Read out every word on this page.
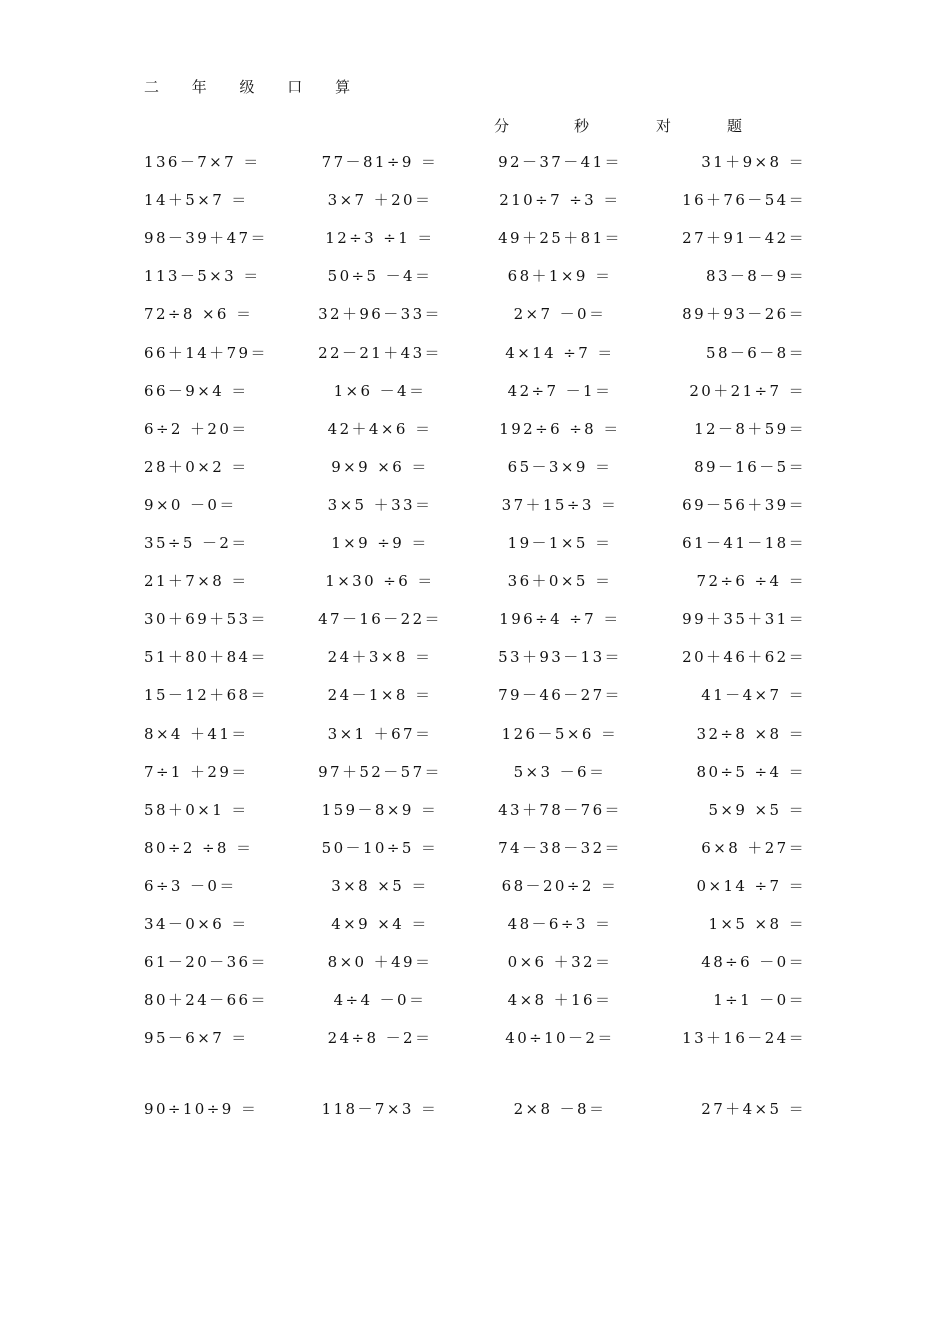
二 年 级 口 算
分	秒	对	题
136－7×7 ＝	77－81÷9 ＝	92－37－41＝	31＋9×8 ＝
14＋5×7 ＝	3×7 ＋20＝	210÷7 ÷3 ＝	16＋76－54＝
98－39＋47＝	12÷3 ÷1 ＝	49＋25＋81＝	27＋91－42＝
113－5×3 ＝	50÷5 －4＝	68＋1×9 ＝	83－8－9＝
72÷8 ×6 ＝	32＋96－33＝	2×7 －0＝	89＋93－26＝
66＋14＋79＝	22－21＋43＝	4×14 ÷7 ＝	58－6－8＝
66－9×4 ＝	1×6 －4＝	42÷7 －1＝	20＋21÷7 ＝
6÷2 ＋20＝	42＋4×6 ＝	192÷6 ÷8 ＝	12－8＋59＝
28＋0×2 ＝	9×9 ×6 ＝	65－3×9 ＝	89－16－5＝
9×0 －0＝	3×5 ＋33＝	37＋15÷3 ＝	69－56＋39＝
35÷5 －2＝	1×9 ÷9 ＝	19－1×5 ＝	61－41－18＝
21＋7×8 ＝	1×30 ÷6 ＝	36＋0×5 ＝	72÷6 ÷4 ＝
30＋69＋53＝	47－16－22＝	196÷4 ÷7 ＝	99＋35＋31＝
51＋80＋84＝	24＋3×8 ＝	53＋93－13＝	20＋46＋62＝
15－12＋68＝	24－1×8 ＝	79－46－27＝	41－4×7 ＝
8×4 ＋41＝	3×1 ＋67＝	126－5×6 ＝	32÷8 ×8 ＝
7÷1 ＋29＝	97＋52－57＝	5×3 －6＝	80÷5 ÷4 ＝
58＋0×1 ＝	159－8×9 ＝	43＋78－76＝	5×9 ×5 ＝
80÷2 ÷8 ＝	50－10÷5 ＝	74－38－32＝	6×8 ＋27＝
6÷3 －0＝	3×8 ×5 ＝	68－20÷2 ＝	0×14 ÷7 ＝
34－0×6 ＝	4×9 ×4 ＝	48－6÷3 ＝	1×5 ×8 ＝
61－20－36＝	8×0 ＋49＝	0×6 ＋32＝	48÷6 －0＝
80＋24－66＝	4÷4 －0＝	4×8 ＋16＝	1÷1 －0＝
95－6×7 ＝	24÷8 －2＝	40÷10－2＝	13＋16－24＝
90÷10÷9 ＝	118－7×3 ＝	2×8 －8＝	27＋4×5 ＝
